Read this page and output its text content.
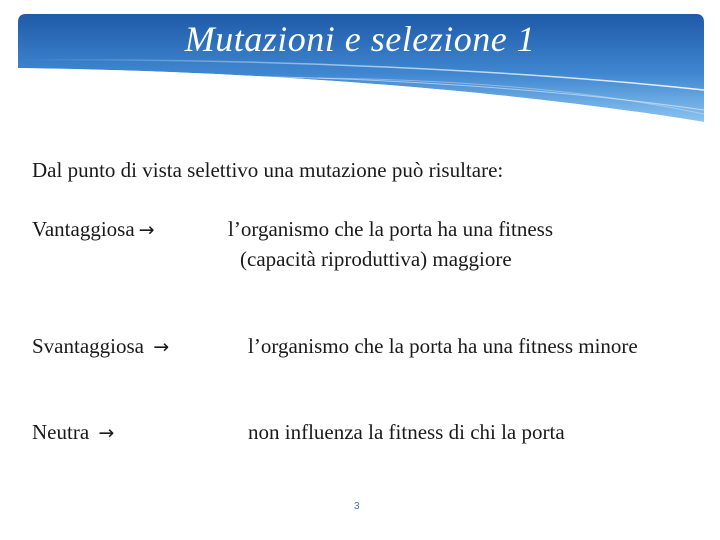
Mutazioni e selezione 1
Dal punto di vista selettivo una mutazione può risultare:
Vantaggiosa →	l’organismo che la porta ha una fitness
(capacità riproduttiva) maggiore
Svantaggiosa →	l’organismo che la porta ha una fitness minore
Neutra →	non influenza la fitness di chi la porta
3
